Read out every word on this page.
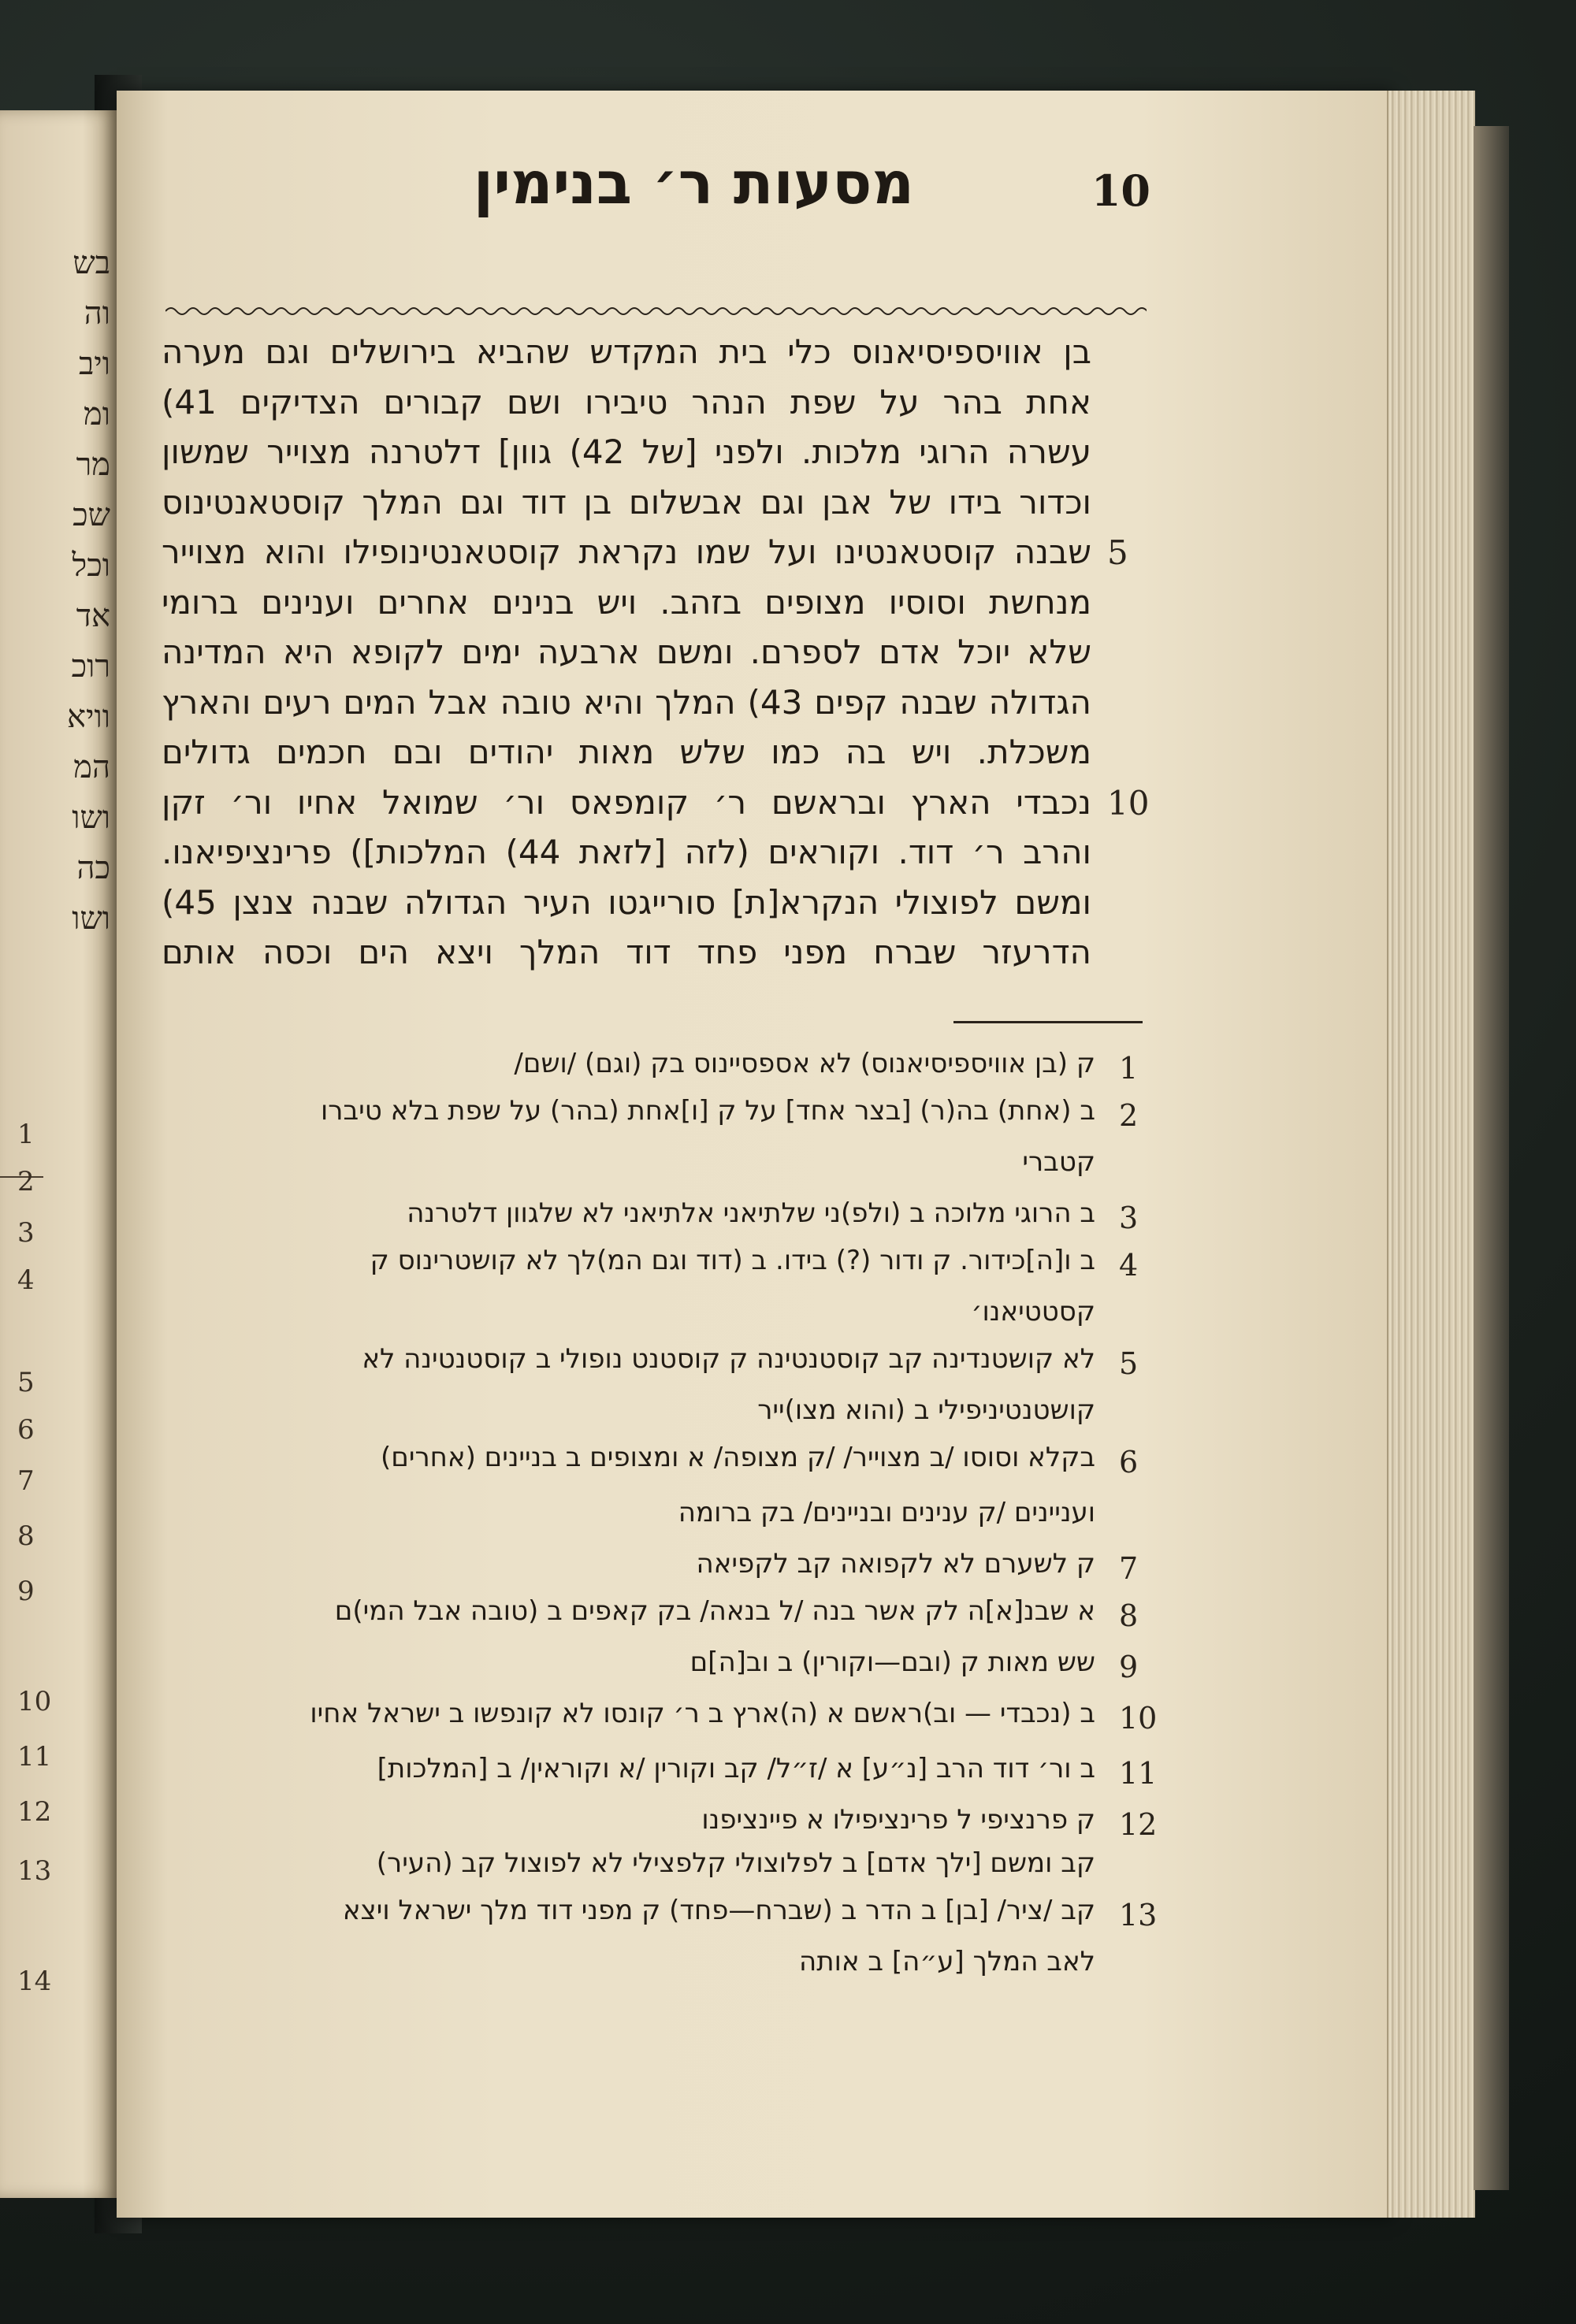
בש
וה
ויב
ומ
מר
שכ
וכל
אד
רוכ
וויא
המ
ושו
כה
ושו
1
2
3
4
5
6
7
8
9
10
11
12
13
14
מסעות ר׳ בנימין	10
בן אוויספיסיאנוס כלי בית המקדש שהביא בירושלים וגם מערה
אחת בהר על שפת הנהר טיבירו ושם קבורים הצדיקים 41)
עשרה הרוגי מלכות. ולפני [של 42) גוון] דלטרנה מצוייר שמשון
וכדור בידו של אבן וגם אבשלום בן דוד וגם המלך קוסטאנטינוס
שבנה קוסטאנטינו ועל שמו נקראת קוסטאנטינופילו והוא מצוייר
מנחשת וסוסיו מצופים בזהב. ויש בנינים אחרים וענינים ברומי
שלא יוכל אדם לספרם. ומשם ארבעה ימים לקופא היא המדינה
הגדולה שבנה קפים 43) המלך והיא טובה אבל המים רעים והארץ
משכלת. ויש בה כמו שלש מאות יהודים ובם חכמים גדולים
נכבדי הארץ ובראשם ר׳ קומפאס ור׳ שמואל אחיו ור׳ זקן
והרב ר׳ דוד. וקוראים (לזה [לזאת 44) המלכות]) פרינציפיאנו.
ומשם לפוצולי הנקרא[ת] סורייגטו העיר הגדולה שבנה צנצן 45)
הדרעזר שברח מפני פחד דוד המלך ויצא הים וכסה אותם
5
10
ק (בן אוויספיסיאנוס) לא אספסיינוס בק (וגם) /ושם/ 1
ב (אחת) בה(ר) [בצר אחד] על ק [ו]אחת (בהר) על שפת בלא טיברו 2
קטברי
ב הרוגי מלוכה ב (ולפ)ני שלתיאני אלתיאני לא שלגוון דלטרנה 3
ב ו[ה]כידור. ק ודור (?) בידו. ב (דוד וגם המ)לך לא קושטרינוס ק 4
קסטטיאנו׳
לא קושטנדינה קב קוסטנטינה ק קוסטנט נופולי ב קוסטנטינה לא 5
קושטנטיניפילי ב (והוא מצו)ייר
בקלא וסוסו /ב מצוייר/ /ק מצופה/ א ומצופים ב בניינים (אחרים) 6
ועניינים /ק ענינים ובניינים/ בק ברומה
ק לשערם לא לקפואה קב לקפיאה 7
א שבנ[א]ה לק אשר בנה /ל בנאה/ בק קאפים ב (טובה אבל המי)ם 8
שש מאות ק (ובם—וקורין) ב וב[ה]ם 9
ב (נכבדי — וב)ראשם א (ה)ארץ ב ר׳ קונסו לא קונפשו ב ישראל אחיו 10
ב ור׳ דוד הרב [נ״ע] א /ז״ל/ קב וקורין /א וקוראין/ ב [המלכות] 11
ק פרנציפי ל פרינציפילו א פיינציפנו 12
קב ומשם [ילך אדם] ב לפלוצולי קלפצילי לא לפוצול קב (העיר)
קב /ציר/ [בן] ב הדר ב (שברח—פחד) ק מפני דוד מלך ישראל ויצא 13
לאב המלך [ע״ה] ב אותה
